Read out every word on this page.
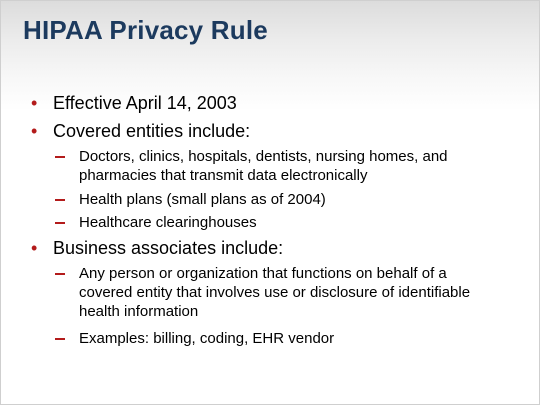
HIPAA Privacy Rule
• Effective April 14, 2003
• Covered entities include:
Doctors, clinics, hospitals, dentists, nursing homes, and pharmacies that transmit data electronically
Health plans (small plans as of 2004)
Healthcare clearinghouses
• Business associates include:
Any person or organization that functions on behalf of a covered entity that involves use or disclosure of identifiable health information
Examples: billing, coding, EHR vendor
